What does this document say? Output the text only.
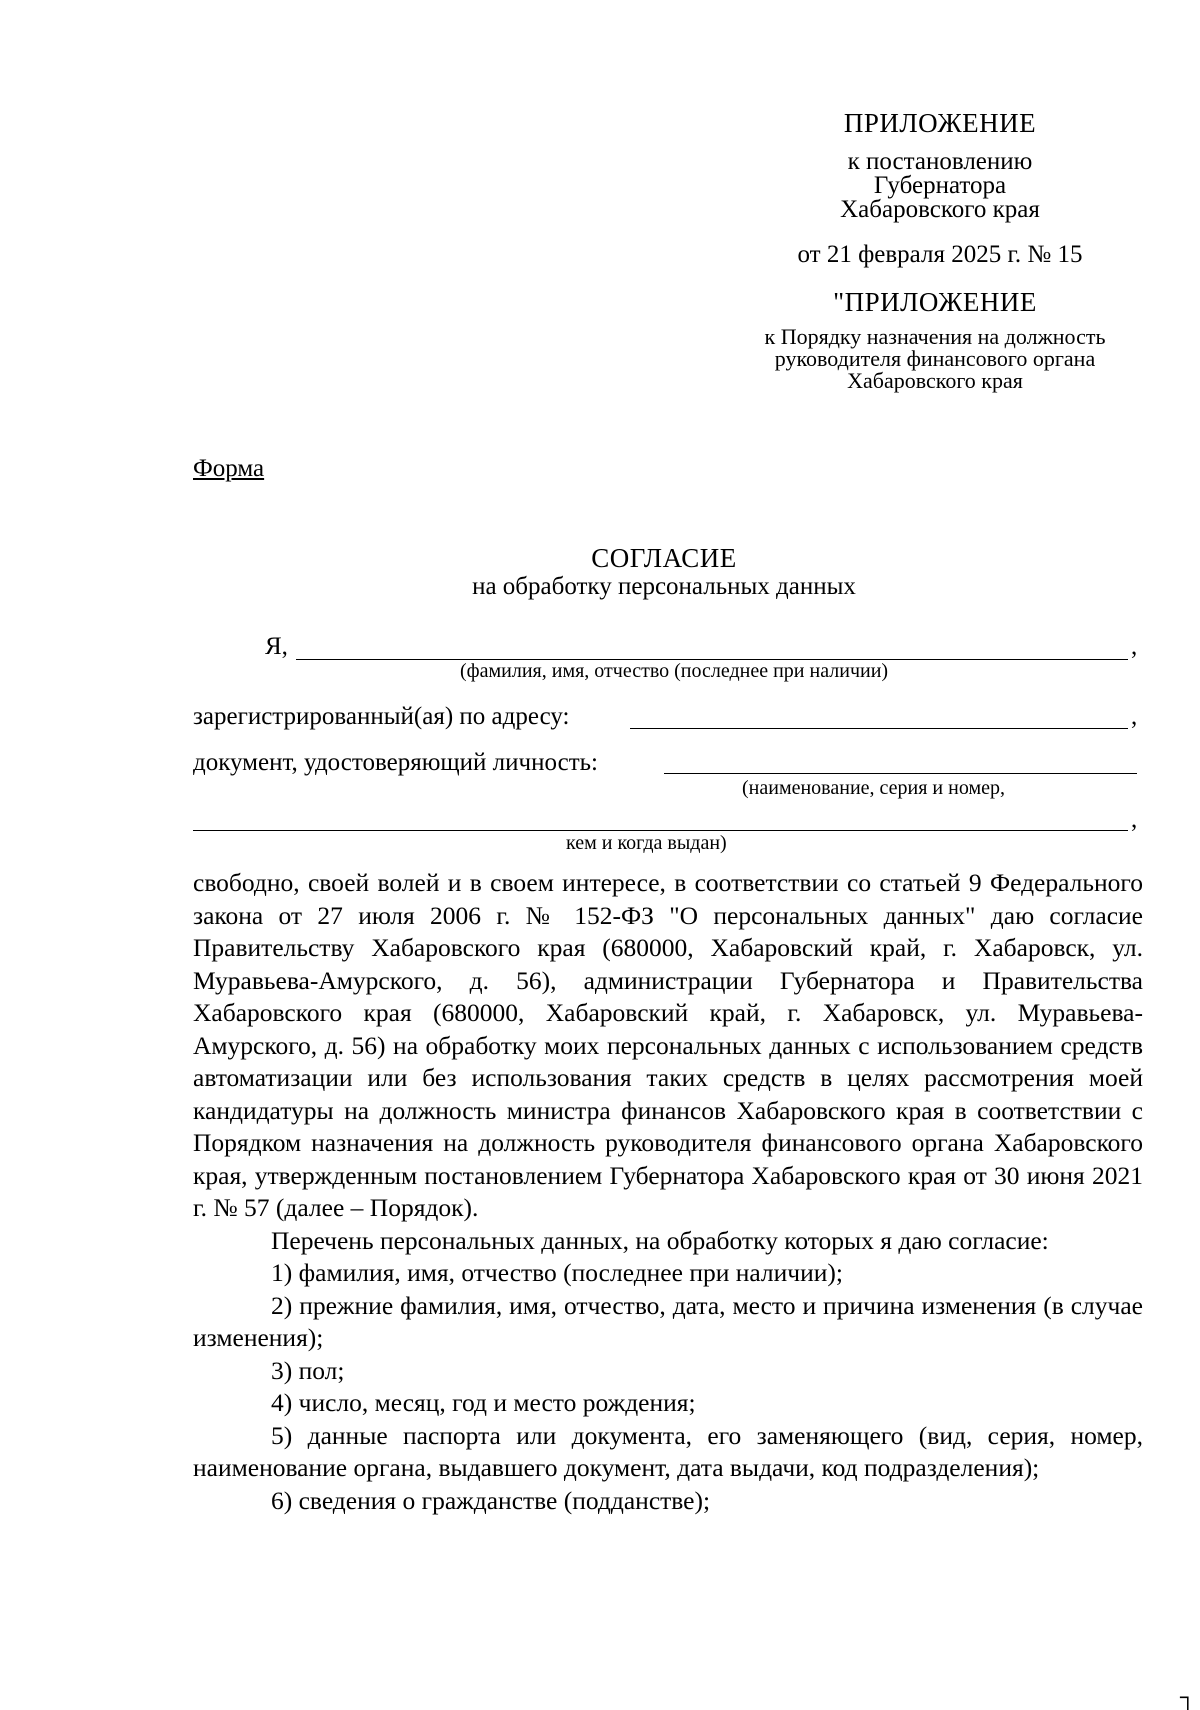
ПРИЛОЖЕНИЕ
к постановлению
Губернатора
Хабаровского края
от 21 февраля 2025 г. № 15
"ПРИЛОЖЕНИЕ
к Порядку назначения на должность
руководителя финансового органа
Хабаровского края
Форма
СОГЛАСИЕ
на обработку персональных данных
Я,	,
(фамилия, имя, отчество (последнее при наличии)
зарегистрированный(ая) по адресу:	,
документ, удостоверяющий личность:
(наименование, серия и номер,
,
кем и когда выдан)

свободно, своей волей и в своем интересе, в соответствии со статьей 9 Федерального закона от 27 июля 2006 г. № 152-ФЗ "О персональных данных" даю согласие Правительству Хабаровского края (680000, Хабаровский край, г. Хабаровск, ул. Муравьева-Амурского, д. 56), администрации Губернатора и Правительства Хабаровского края (680000, Хабаровский край, г. Хабаровск, ул. Муравьева-Амурского, д. 56) на обработку моих персональных данных с использованием средств автоматизации или без использования таких средств в целях рассмотрения моей кандидатуры на должность министра финансов Хабаровского края в соответствии с Порядком назначения на должность руководителя финансового органа Хабаровского края, утвержденным постановлением Губернатора Хабаровского края от 30 июня 2021 г. № 57 (далее – Порядок).

Перечень персональных данных, на обработку которых я даю согласие:

1) фамилия, имя, отчество (последнее при наличии);

2) прежние фамилия, имя, отчество, дата, место и причина изменения (в случае изменения);

3) пол;

4) число, месяц, год и место рождения;

5) данные паспорта или документа, его заменяющего (вид, серия, номер, наименование органа, выдавшего документ, дата выдачи, код подразделения);

6) сведения о гражданстве (подданстве);

┐
